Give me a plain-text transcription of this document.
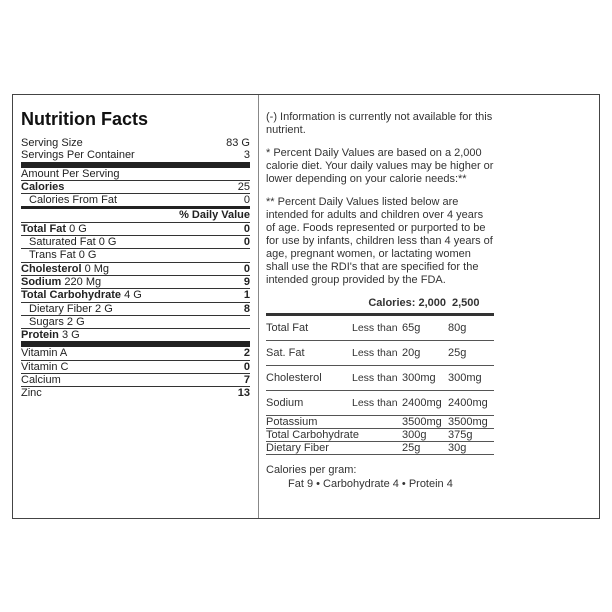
Nutrition Facts
Serving Size	83 G
Servings Per Container	3
Amount Per Serving
Calories	25
Calories From Fat	0
% Daily Value
Total Fat 0 G	0
Saturated Fat 0 G	0
Trans Fat 0 G
Cholesterol 0 Mg	0
Sodium 220 Mg	9
Total Carbohydrate 4 G	1
Dietary Fiber 2 G	8
Sugars 2 G
Protein 3 G
Vitamin A	2
Vitamin C	0
Calcium	7
Zinc	13

(-) Information is currently not available for this nutrient.

* Percent Daily Values are based on a 2,000 calorie diet. Your daily values may be higher or lower depending on your calorie needs:**

** Percent Daily Values listed below are intended for adults and children over 4 years of age. Foods represented or purported to be for use by infants, children less than 4 years of age, pregnant women, or lactating women shall use the RDI's that are specified for the intended group provided by the FDA.

	Calories: 2,000		2,500
Total Fat	Less than	65g	80g
Sat. Fat	Less than	20g	25g
Cholesterol	Less than	300mg	300mg
Sodium	Less than	2400mg	2400mg
Potassium		3500mg	3500mg
Total Carbohydrate		300g	375g
Dietary Fiber		25g	30g
Calories per gram:
Fat 9 • Carbohydrate 4 • Protein 4
